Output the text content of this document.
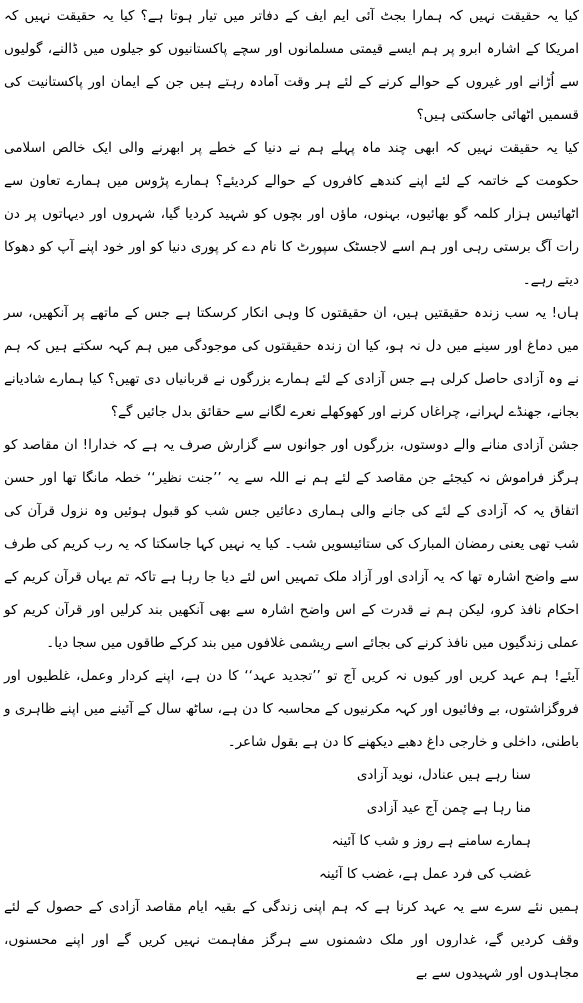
کیا یہ حقیقت نہیں کہ ہمارا بجٹ آئی ایم ایف کے دفاتر میں تیار ہوتا ہے؟ کیا یہ حقیقت نہیں کہ امریکا کے اشارہ ابرو پر ہم ایسے قیمتی مسلمانوں اور سچے پاکستانیوں کو جیلوں میں ڈالنے، گولیوں سے اُڑانے اور غیروں کے حوالے کرنے کے لئے ہر وقت آمادہ رہتے ہیں جن کے ایمان اور پاکستانیت کی قسمیں اٹھائی جاسکتی ہیں؟

کیا یہ حقیقت نہیں کہ ابھی چند ماہ پہلے ہم نے دنیا کے خطے پر ابھرنے والی ایک خالص اسلامی حکومت کے خاتمہ کے لئے اپنے کندھے کافروں کے حوالے کردیئے؟ ہمارے پڑوس میں ہمارے تعاون سے اٹھائیس ہزار کلمہ گو بھائیوں، بہنوں، ماؤں اور بچوں کو شہید کردیا گیا، شہروں اور دیہاتوں پر دن رات آگ برستی رہی اور ہم اسے لاجسٹک سپورٹ کا نام دے کر پوری دنیا کو اور خود اپنے آپ کو دھوکا دیتے رہے۔

ہاں! یہ سب زندہ حقیقتیں ہیں، ان حقیقتوں کا وہی انکار کرسکتا ہے جس کے ماتھے پر آنکھیں، سر میں دماغ اور سینے میں دل نہ ہو، کیا ان زندہ حقیقتوں کی موجودگی میں ہم کہہ سکتے ہیں کہ ہم نے وہ آزادی حاصل کرلی ہے جس آزادی کے لئے ہمارے بزرگوں نے قربانیاں دی تھیں؟ کیا ہمارے شادیانے بجانے، جھنڈے لہرانے، چراغاں کرنے اور کھوکھلے نعرے لگانے سے حقائق بدل جائیں گے؟

جشن آزادی منانے والے دوستوں، بزرگوں اور جوانوں سے گزارش صرف یہ ہے کہ خدارا! ان مقاصد کو ہرگز فراموش نہ کیجئے جن مقاصد کے لئے ہم نے اللہ سے یہ ’’جنت نظیر‘‘ خطہ مانگا تھا اور حسن اتفاق یہ کہ آزادی کے لئے کی جانے والی ہماری دعائیں جس شب کو قبول ہوئیں وہ نزول قرآن کی شب تھی یعنی رمضان المبارک کی ستائیسویں شب۔ کیا یہ نہیں کہا جاسکتا کہ یہ رب کریم کی طرف سے واضح اشارہ تھا کہ یہ آزادی اور آزاد ملک تمہیں اس لئے دیا جا رہا ہے تاکہ تم یہاں قرآن کریم کے احکام نافذ کرو، لیکن ہم نے قدرت کے اس واضح اشارہ سے بھی آنکھیں بند کرلیں اور قرآن کریم کو عملی زندگیوں میں نافذ کرنے کی بجائے اسے ریشمی غلافوں میں بند کرکے طاقوں میں سجا دیا۔

آیئے! ہم عہد کریں اور کیوں نہ کریں آج تو ’’تجدید عہد‘‘ کا دن ہے، اپنے کردار وعمل، غلطیوں اور فروگزاشتوں، بے وفائیوں اور کہہ مکرنیوں کے محاسبہ کا دن ہے، ساٹھ سال کے آئینے میں اپنے ظاہری و باطنی، داخلی و خارجی داغ دھبے دیکھنے کا دن ہے بقول شاعر۔

سنا رہے ہیں عنادل، نوید آزادی
منا رہا ہے چمن آج عید آزادی
ہمارے سامنے ہے روز و شب کا آئینہ
غضب کی فرد عمل ہے، غضب کا آئینہ

ہمیں نئے سرے سے یہ عہد کرنا ہے کہ ہم اپنی زندگی کے بقیہ ایام مقاصد آزادی کے حصول کے لئے وقف کردیں گے، غداروں اور ملک دشمنوں سے ہرگز مفاہمت نہیں کریں گے اور اپنے محسنوں، مجاہدوں اور شہیدوں سے بے
